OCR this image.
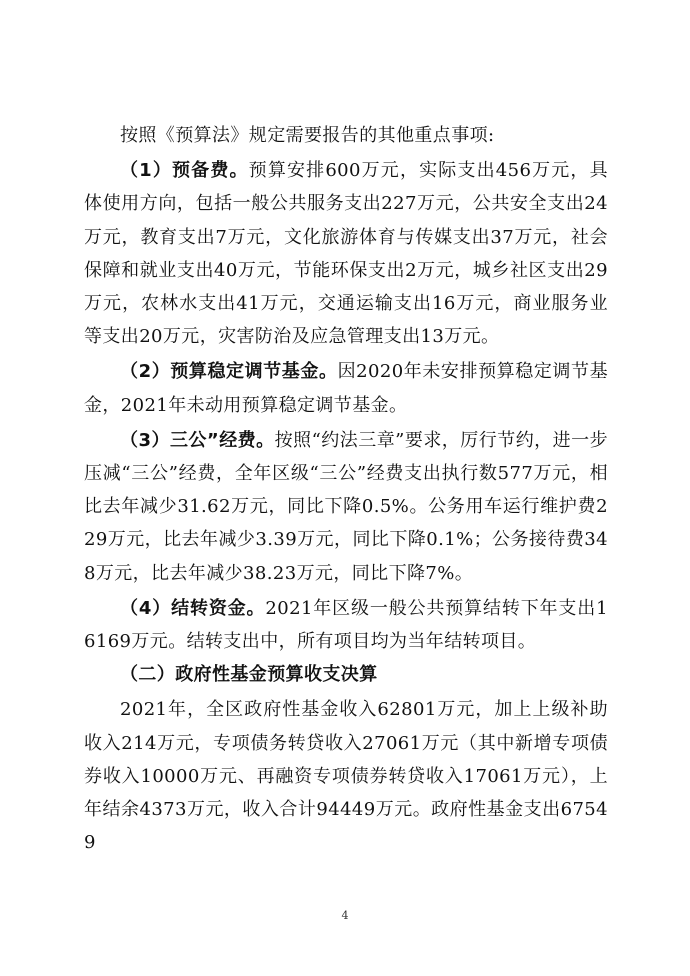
按照《预算法》规定需要报告的其他重点事项:

（1）预备费。预算安排600万元，实际支出456万元，具体使用方向，包括一般公共服务支出227万元，公共安全支出24万元，教育支出7万元，文化旅游体育与传媒支出37万元，社会保障和就业支出40万元，节能环保支出2万元，城乡社区支出29万元，农林水支出41万元，交通运输支出16万元，商业服务业等支出20万元，灾害防治及应急管理支出13万元。

（2）预算稳定调节基金。因2020年未安排预算稳定调节基金，2021年未动用预算稳定调节基金。

（3）三公”经费。按照“约法三章”要求，厉行节约，进一步压减“三公”经费，全年区级“三公”经费支出执行数577万元，相比去年减少31.62万元，同比下降0.5%。公务用车运行维护费229万元，比去年减少3.39万元，同比下降0.1%；公务接待费348万元，比去年减少38.23万元，同比下降7%。

（4）结转资金。2021年区级一般公共预算结转下年支出16169万元。结转支出中，所有项目均为当年结转项目。

（二）政府性基金预算收支决算

2021年，全区政府性基金收入62801万元，加上上级补助收入214万元，专项债务转贷收入27061万元（其中新增专项债券收入10000万元、再融资专项债券转贷收入17061万元），上年结余4373万元，收入合计94449万元。政府性基金支出67549

4
